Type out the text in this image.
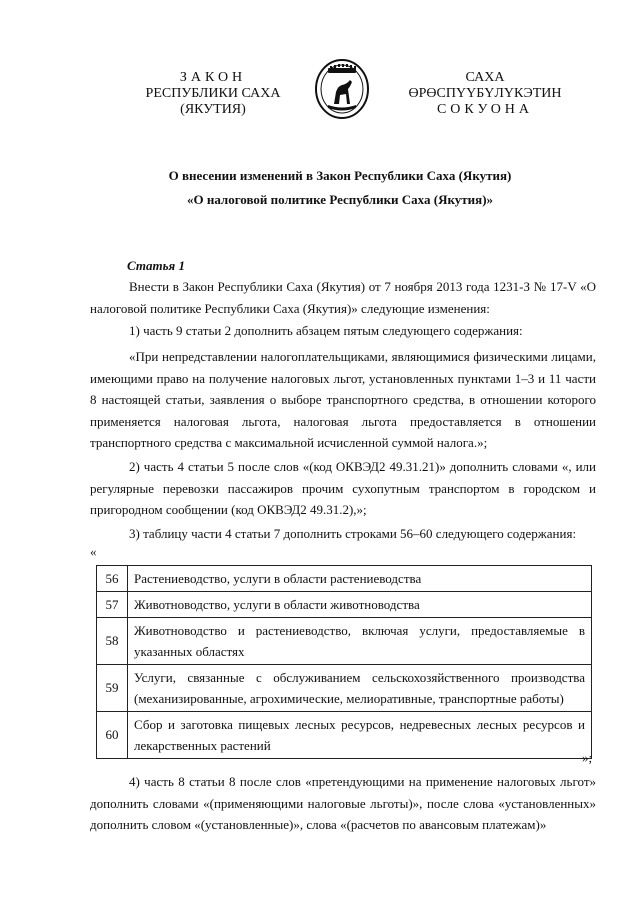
ЗАКОН
РЕСПУБЛИКИ САХА (ЯКУТИЯ)
САХА ӨРӨСПҮҮБҮЛҮКЭТИН
СОКУОНА
О внесении изменений в Закон Республики Саха (Якутия)
«О налоговой политике Республики Саха (Якутия)»
Статья 1

Внести в Закон Республики Саха (Якутия) от 7 ноября 2013 года 1231-З № 17-V «О налоговой политике Республики Саха (Якутия)» следующие изменения:

1) часть 9 статьи 2 дополнить абзацем пятым следующего содержания:

«При непредставлении налогоплательщиками, являющимися физическими лицами, имеющими право на получение налоговых льгот, установленных пунктами 1–3 и 11 части 8 настоящей статьи, заявления о выборе транспортного средства, в отношении которого применяется налоговая льгота, налоговая льгота предоставляется в отношении транспортного средства с максимальной исчисленной суммой налога.»;

2) часть 4 статьи 5 после слов «(код ОКВЭД2 49.31.21)» дополнить словами «, или регулярные перевозки пассажиров прочим сухопутным транспортом в городском и пригородном сообщении (код ОКВЭД2 49.31.2),»;

3) таблицу части 4 статьи 7 дополнить строками 56–60 следующего содержания:

«
56	Растениеводство, услуги в области растениеводства
57	Животноводство, услуги в области животноводства
58	Животноводство и растениеводство, включая услуги, предоставляемые в указанных областях
59	Услуги, связанные с обслуживанием сельскохозяйственного производства (механизированные, агрохимические, мелиоративные, транспортные работы)
60	Сбор и заготовка пищевых лесных ресурсов, недревесных лесных ресурсов и лекарственных растений
»;

4) часть 8 статьи 8 после слов «претендующими на применение налоговых льгот» дополнить словами «(применяющими налоговые льготы)», после слова «установленных» дополнить словом «(установленные)», слова «(расчетов по авансовым платежам)»
